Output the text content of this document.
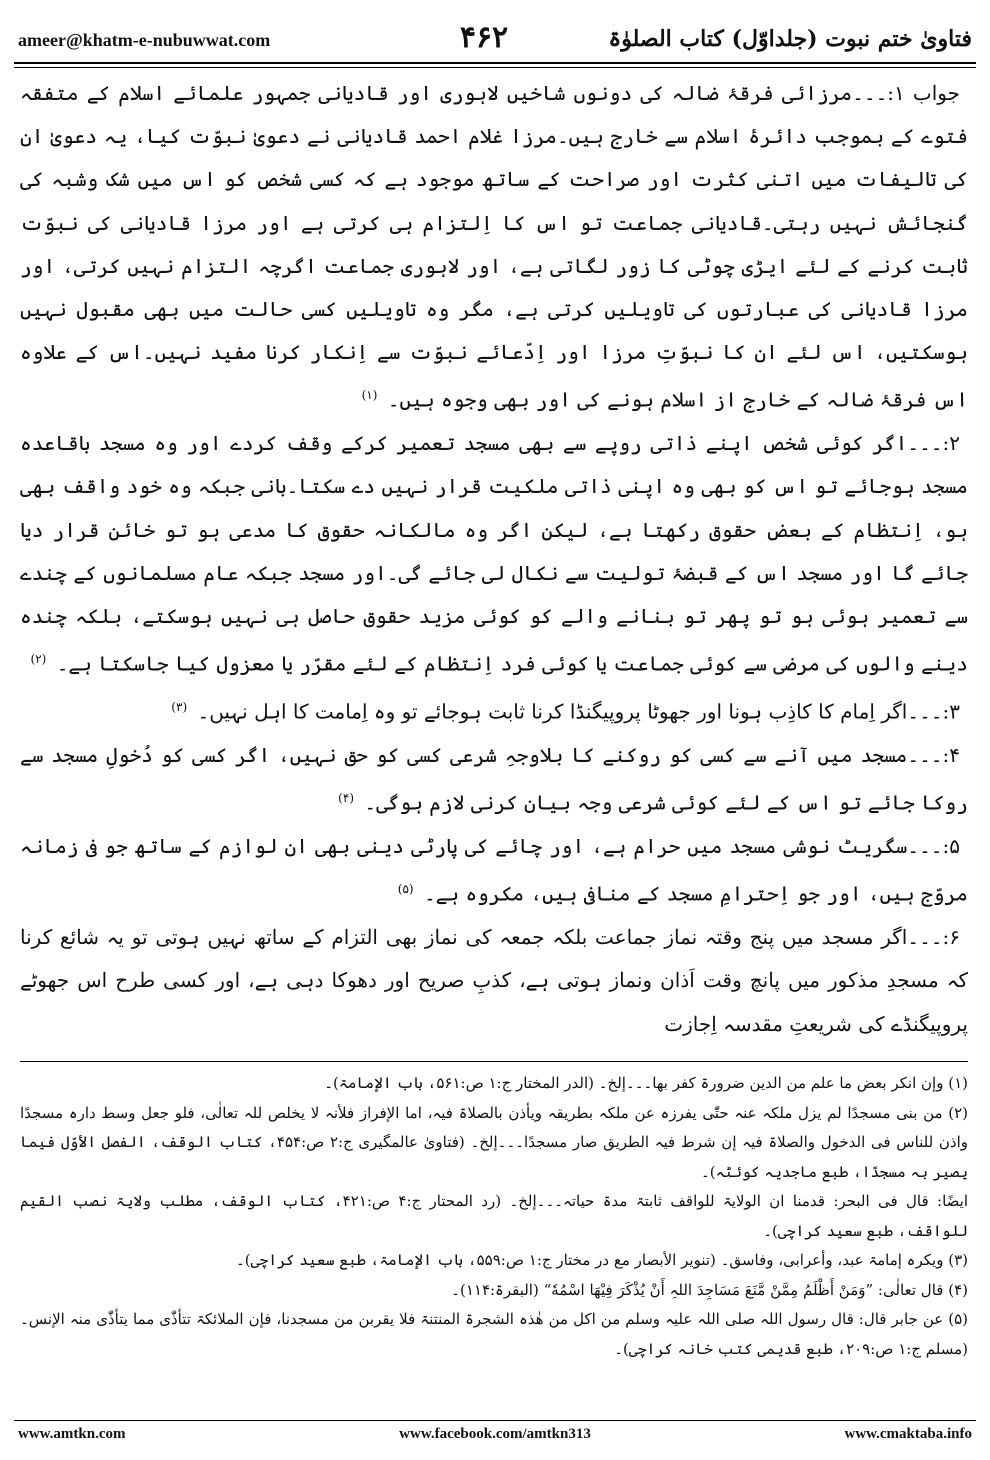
ameer@khatm-e-nubuwwat.com	۴۶۲	فتاویٰ ختم نبوت (جلداوّل) کتاب الصلوٰۃ

جواب ۱:۔۔۔مرزائی فرقۂ ضالہ کی دونوں شاخیں لاہوری اور قادیانی جمہور علمائے اسلام کے متفقہ فتوے کے بموجب دائرۂ اسلام سے خارج ہیں۔مرزا غلام احمد قادیانی نے دعویٰ نبوّت کیا، یہ دعویٰ ان کی تالیفات میں اتنی کثرت اور صراحت کے ساتھ موجود ہے کہ کسی شخص کو اس میں شک وشبہ کی گنجائش نہیں رہتی۔قادیانی جماعت تو اس کا اِلتزام ہی کرتی ہے اور مرزا قادیانی کی نبوّت ثابت کرنے کے لئے ایڑی چوٹی کا زور لگاتی ہے، اور لاہوری جماعت اگرچہ التزام نہیں کرتی، اور مرزا قادیانی کی عبارتوں کی تاویلیں کرتی ہے، مگر وہ تاویلیں کسی حالت میں بھی مقبول نہیں ہوسکتیں، اس لئے ان کا نبوّتِ مرزا اور اِدّعائے نبوّت سے اِنکار کرنا مفید نہیں۔اس کے علاوہ اس فرقۂ ضالہ کے خارج از اسلام ہونے کی اور بھی وجوہ ہیں۔ $^{(۱)}$

۲:۔۔۔اگر کوئی شخص اپنے ذاتی روپے سے بھی مسجد تعمیر کرکے وقف کردے اور وہ مسجد باقاعدہ مسجد ہوجائے تو اس کو بھی وہ اپنی ذاتی ملکیت قرار نہیں دے سکتا۔بانی جبکہ وہ خود واقف بھی ہو، اِنتظام کے بعض حقوق رکھتا ہے، لیکن اگر وہ مالکانہ حقوق کا مدعی ہو تو خائن قرار دیا جائے گا اور مسجد اس کے قبضۂ تولیت سے نکال لی جائے گی۔اور مسجد جبکہ عام مسلمانوں کے چندے سے تعمیر ہوئی ہو تو پھر تو بنانے والے کو کوئی مزید حقوق حاصل ہی نہیں ہوسکتے، بلکہ چندہ دینے والوں کی مرضی سے کوئی جماعت یا کوئی فرد اِنتظام کے لئے مقرّر یا معزول کیا جاسکتا ہے۔ $^{(۲)}$

۳:۔۔۔اگر اِمام کا کاذِب ہونا اور جھوٹا پروپیگنڈا کرنا ثابت ہوجائے تو وہ اِمامت کا اہل نہیں۔ $^{(۳)}$

۴:۔۔۔مسجد میں آنے سے کسی کو روکنے کا بلاوجہِ شرعی کسی کو حق نہیں، اگر کسی کو دُخولِ مسجد سے روکا جائے تو اس کے لئے کوئی شرعی وجہ بیان کرنی لازم ہوگی۔ $^{(۴)}$

۵:۔۔۔سگریٹ نوشی مسجد میں حرام ہے، اور چائے کی پارٹی دینی بھی ان لوازم کے ساتھ جو فی زمانہ مروّج ہیں، اور جو اِحترامِ مسجد کے منافی ہیں، مکروہ ہے۔ $^{(۵)}$

۶:۔۔۔اگر مسجد میں پنج وقتہ نماز جماعت بلکہ جمعہ کی نماز بھی التزام کے ساتھ نہیں ہوتی تو یہ شائع کرنا کہ مسجدِ مذکور میں پانچ وقت اَذان ونماز ہوتی ہے، کذبِ صریح اور دھوکا دہی ہے، اور کسی طرح اس جھوٹے پروپیگنڈے کی شریعتِ مقدسہ اِجازت

(۱) وإن انکر بعض ما علم من الدین ضرورۃ کفر بھا۔۔۔إلخ۔ (الدر المختار ج:۱ ص:۵۶۱، باب الإمامۃ)۔

(۲) من بنی مسجدًا لم یزل ملکہ عنہ حتّٰی یفرزہ عن ملکہ بطریقہ ویأذن بالصلاۃ فیہ، اما الإفراز فلأنہ لا یخلص للہ تعالٰی، فلو جعل وسط دارہ مسجدًا واذن للناس فی الدخول والصلاۃ فیہ إن شرط فیہ الطریق صار مسجدًا۔۔۔إلخ۔ (فتاویٰ عالمگیری ج:۲ ص:۴۵۴، کتاب الوقف، الفصل الأوّل فیما یصیر بہ مسجدًا، طبع ماجدیہ کوئٹہ)۔

ایضًا: قال فی البحر: قدمنا ان الولایۃ للواقف ثابتۃ مدۃ حیاتہ۔۔۔إلخ۔ (رد المحتار ج:۴ ص:۴۲۱، کتاب الوقف، مطلب ولایۃ نصب القیم للواقف، طبع سعید کراچی)۔

(۳) ویکرہ إمامۃ عبد، وأعرابی، وفاسق۔ (تنویر الأبصار مع در مختار ج:۱ ص:۵۵۹، باب الإمامۃ، طبع سعید کراچی)۔

(۴) قال تعالٰی: ”وَمَنْ أَظْلَمُ مِمَّنْ مَّنَعَ مَسَاجِدَ اللہِ أَنْ يُذْكَرَ فِيْهَا اسْمُهٗ“ (البقرۃ:۱۱۴)۔

(۵) عن جابر قال: قال رسول اللہ صلی اللہ علیہ وسلم من اکل من ھٰذہ الشجرۃ المنتنۃ فلا یقربن من مسجدنا، فإن الملائکۃ تتأذّٰی مما یتأذّٰی منہ الإنس۔ (مسلم ج:۱ ص:۲۰۹، طبع قدیمی کتب خانہ کراچی)۔

www.amtkn.com	www.facebook.com/amtkn313	www.cmaktaba.info
